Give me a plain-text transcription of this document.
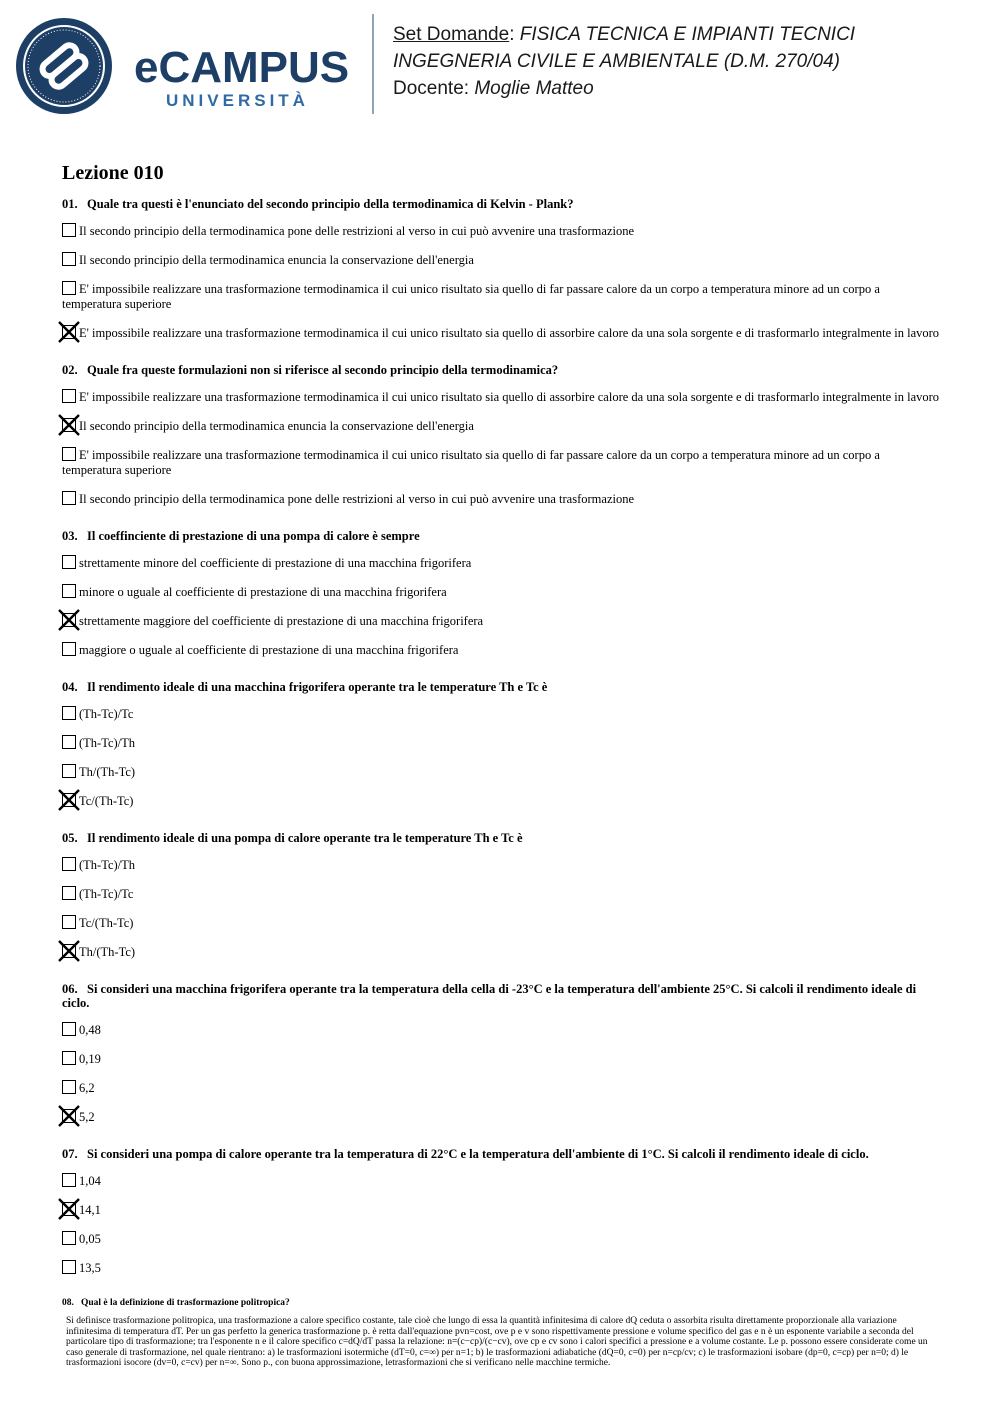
eCAMPUS
UNIVERSITÀ
Set Domande: FISICA TECNICA E IMPIANTI TECNICI
INGEGNERIA CIVILE E AMBIENTALE (D.M. 270/04)
Docente: Moglie Matteo
Lezione 010
01. Quale tra questi è l'enunciato del secondo principio della termodinamica di Kelvin - Plank?
Il secondo principio della termodinamica pone delle restrizioni al verso in cui può avvenire una trasformazione
Il secondo principio della termodinamica enuncia la conservazione dell'energia
E' impossibile realizzare una trasformazione termodinamica il cui unico risultato sia quello di far passare calore da un corpo a temperatura minore ad un corpo a temperatura superiore
E' impossibile realizzare una trasformazione termodinamica il cui unico risultato sia quello di assorbire calore da una sola sorgente e di trasformarlo integralmente in lavoro
02. Quale fra queste formulazioni non si riferisce al secondo principio della termodinamica?
E' impossibile realizzare una trasformazione termodinamica il cui unico risultato sia quello di assorbire calore da una sola sorgente e di trasformarlo integralmente in lavoro
Il secondo principio della termodinamica enuncia la conservazione dell'energia
E' impossibile realizzare una trasformazione termodinamica il cui unico risultato sia quello di far passare calore da un corpo a temperatura minore ad un corpo a temperatura superiore
Il secondo principio della termodinamica pone delle restrizioni al verso in cui può avvenire una trasformazione
03. Il coeffinciente di prestazione di una pompa di calore è sempre
strettamente minore del coefficiente di prestazione di una macchina frigorifera
minore o uguale al coefficiente di prestazione di una macchina frigorifera
strettamente maggiore del coefficiente di prestazione di una macchina frigorifera
maggiore o uguale al coefficiente di prestazione di una macchina frigorifera
04. Il rendimento ideale di una macchina frigorifera operante tra le temperature Th e Tc è
(Th-Tc)/Tc
(Th-Tc)/Th
Th/(Th-Tc)
Tc/(Th-Tc)
05. Il rendimento ideale di una pompa di calore operante tra le temperature Th e Tc è
(Th-Tc)/Th
(Th-Tc)/Tc
Tc/(Th-Tc)
Th/(Th-Tc)
06. Si consideri una macchina frigorifera operante tra la temperatura della cella di -23°C e la temperatura dell'ambiente 25°C. Si calcoli il rendimento ideale di ciclo.
0,48
0,19
6,2
5,2
07. Si consideri una pompa di calore operante tra la temperatura di 22°C e la temperatura dell'ambiente di 1°C. Si calcoli il rendimento ideale di ciclo.
1,04
14,1
0,05
13,5
08. Qual è la definizione di trasformazione politropica?
Si definisce trasformazione politropica, una trasformazione a calore specifico costante, tale cioè che lungo di essa la quantità infinitesima di calore dQ ceduta o assorbita risulta direttamente proporzionale alla variazione infinitesima di temperatura dT. Per un gas perfetto la generica trasformazione p. è retta dall'equazione pvn=cost, ove p e v sono rispettivamente pressione e volume specifico del gas e n è un esponente variabile a seconda del particolare tipo di trasformazione; tra l'esponente n e il calore specifico c=dQ/dT passa la relazione: n=(c−cp)/(c−cv), ove cp e cv sono i calori specifici a pressione e a volume costante. Le p. possono essere considerate come un caso generale di trasformazione, nel quale rientrano: a) le trasformazioni isotermiche (dT=0, c=∞) per n=1; b) le trasformazioni adiabatiche (dQ=0, c=0) per n=cp/cv; c) le trasformazioni isobare (dp=0, c=cp) per n=0; d) le trasformazioni isocore (dv=0, c=cv) per n=∞. Sono p., con buona approssimazione, letrasformazioni che si verificano nelle macchine termiche.
